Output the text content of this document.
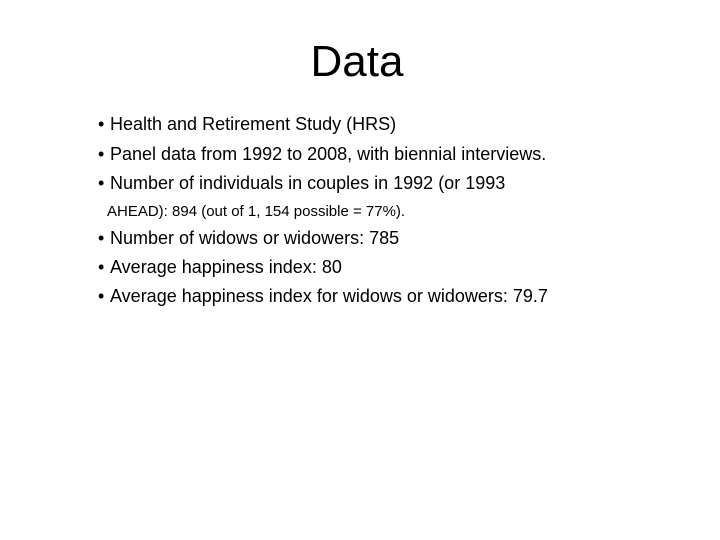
Data
• Health and Retirement Study (HRS)
• Panel data from 1992 to 2008, with biennial interviews.
• Number of individuals in couples in 1992 (or 1993
AHEAD): 894 (out of 1, 154 possible = 77%).
• Number of widows or widowers: 785
• Average happiness index: 80
• Average happiness index for widows or widowers: 79.7
